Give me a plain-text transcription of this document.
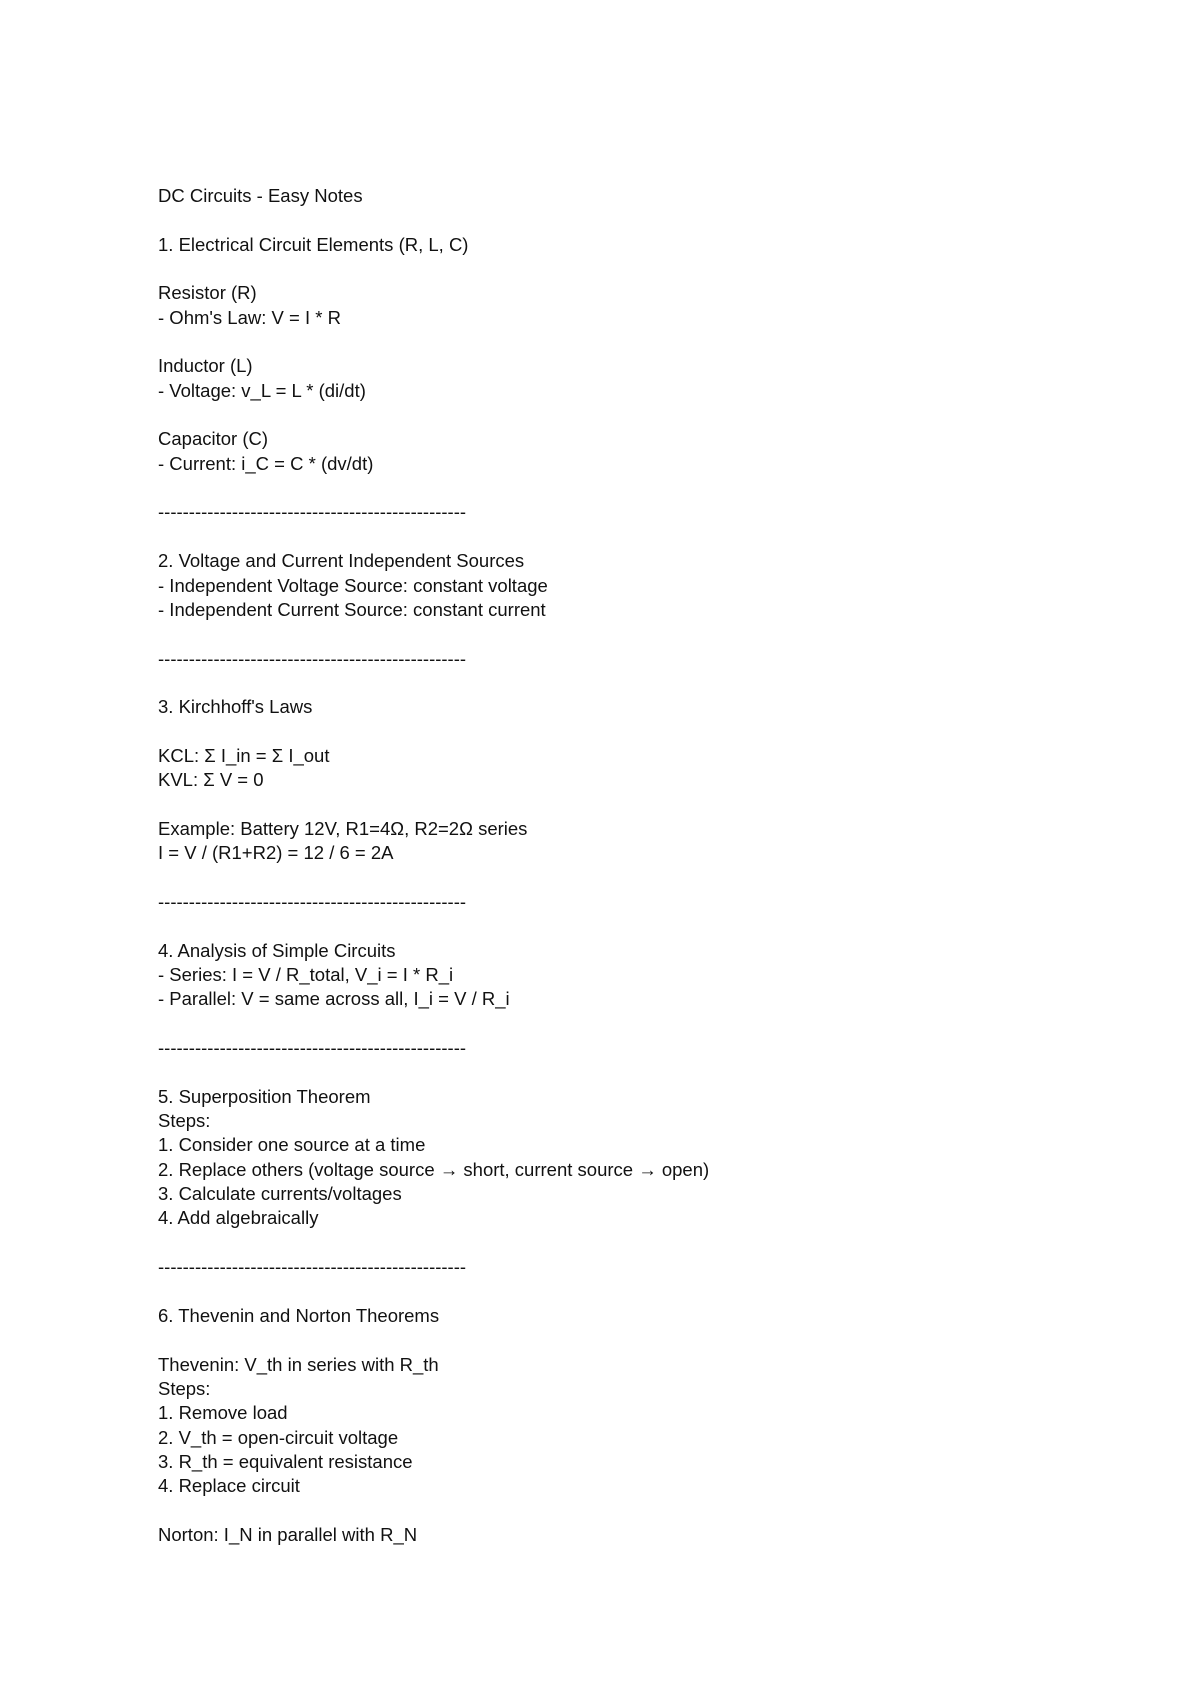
DC Circuits - Easy Notes
1. Electrical Circuit Elements (R, L, C)
Resistor (R)
- Ohm's Law: V = I * R
Inductor (L)
- Voltage: v_L = L * (di/dt)
Capacitor (C)
- Current: i_C = C * (dv/dt)
--------------------------------------------------
2. Voltage and Current Independent Sources
- Independent Voltage Source: constant voltage
- Independent Current Source: constant current
--------------------------------------------------
3. Kirchhoff's Laws
KCL: Σ I_in = Σ I_out
KVL: Σ V = 0
Example: Battery 12V, R1=4Ω, R2=2Ω series
I = V / (R1+R2) = 12 / 6 = 2A
--------------------------------------------------
4. Analysis of Simple Circuits
- Series: I = V / R_total, V_i = I * R_i
- Parallel: V = same across all, I_i = V / R_i
--------------------------------------------------
5. Superposition Theorem
Steps:
1. Consider one source at a time
2. Replace others (voltage source → short, current source → open)
3. Calculate currents/voltages
4. Add algebraically
--------------------------------------------------
6. Thevenin and Norton Theorems
Thevenin: V_th in series with R_th
Steps:
1. Remove load
2. V_th = open-circuit voltage
3. R_th = equivalent resistance
4. Replace circuit
Norton: I_N in parallel with R_N
